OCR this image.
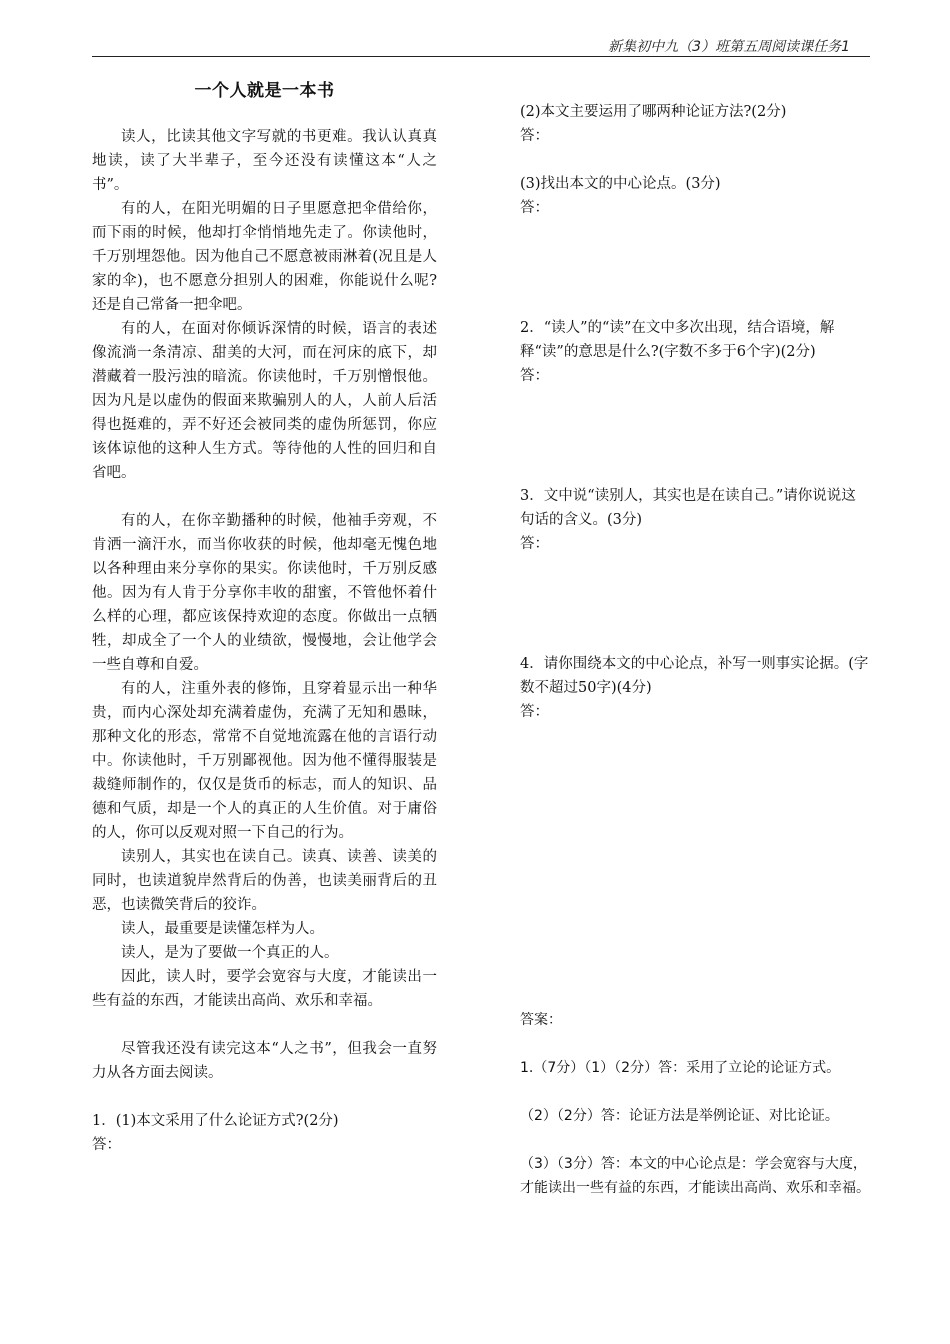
新集初中九（3）班第五周阅读课任务1
一个人就是一本书

读人，比读其他文字写就的书更难。我认认真真地读，读了大半辈子，至今还没有读懂这本“人之书”。

有的人，在阳光明媚的日子里愿意把伞借给你，而下雨的时候，他却打伞悄悄地先走了。你读他时，千万别埋怨他。因为他自己不愿意被雨淋着(况且是人家的伞)，也不愿意分担别人的困难，你能说什么呢?还是自己常备一把伞吧。

有的人，在面对你倾诉深情的时候，语言的表述像流淌一条清凉、甜美的大河，而在河床的底下，却潜藏着一股污浊的暗流。你读他时，千万别憎恨他。因为凡是以虚伪的假面来欺骗别人的人，人前人后活得也挺难的，弄不好还会被同类的虚伪所惩罚，你应该体谅他的这种人生方式。等待他的人性的回归和自省吧。

有的人，在你辛勤播种的时候，他袖手旁观，不肯洒一滴汗水，而当你收获的时候，他却毫无愧色地以各种理由来分享你的果实。你读他时，千万别反感他。因为有人肯于分享你丰收的甜蜜，不管他怀着什么样的心理，都应该保持欢迎的态度。你做出一点牺牲，却成全了一个人的业绩欲，慢慢地，会让他学会一些自尊和自爱。

有的人，注重外表的修饰，且穿着显示出一种华贵，而内心深处却充满着虚伪，充满了无知和愚昧，那种文化的形态，常常不自觉地流露在他的言语行动中。你读他时，千万别鄙视他。因为他不懂得服装是裁缝师制作的，仅仅是货币的标志，而人的知识、品德和气质，却是一个人的真正的人生价值。对于庸俗的人，你可以反观对照一下自己的行为。

读别人，其实也在读自己。读真、读善、读美的同时，也读道貌岸然背后的伪善，也读美丽背后的丑恶，也读微笑背后的狡诈。

读人，最重要是读懂怎样为人。

读人，是为了要做一个真正的人。

因此，读人时，要学会宽容与大度，才能读出一些有益的东西，才能读出高尚、欢乐和幸福。

尽管我还没有读完这本“人之书”，但我会一直努力从各方面去阅读。

1．(1)本文采用了什么论证方式?(2分)

答：

(2)本文主要运用了哪两种论证方法?(2分)

答：

(3)找出本文的中心论点。(3分)

答：

2．“读人”的“读”在文中多次出现，结合语境，解释“读”的意思是什么?(字数不多于6个字)(2分)

答：

3．文中说“读别人，其实也是在读自己。”请你说说这句话的含义。(3分)

答：

4．请你围绕本文的中心论点，补写一则事实论据。(字数不超过50字)(4分)

答：

答案：

1.（7分）（1）（2分）答：采用了立论的论证方式。

（2）（2分）答：论证方法是举例论证、对比论证。

（3）（3分）答：本文的中心论点是：学会宽容与大度，才能读出一些有益的东西，才能读出高尚、欢乐和幸福。
